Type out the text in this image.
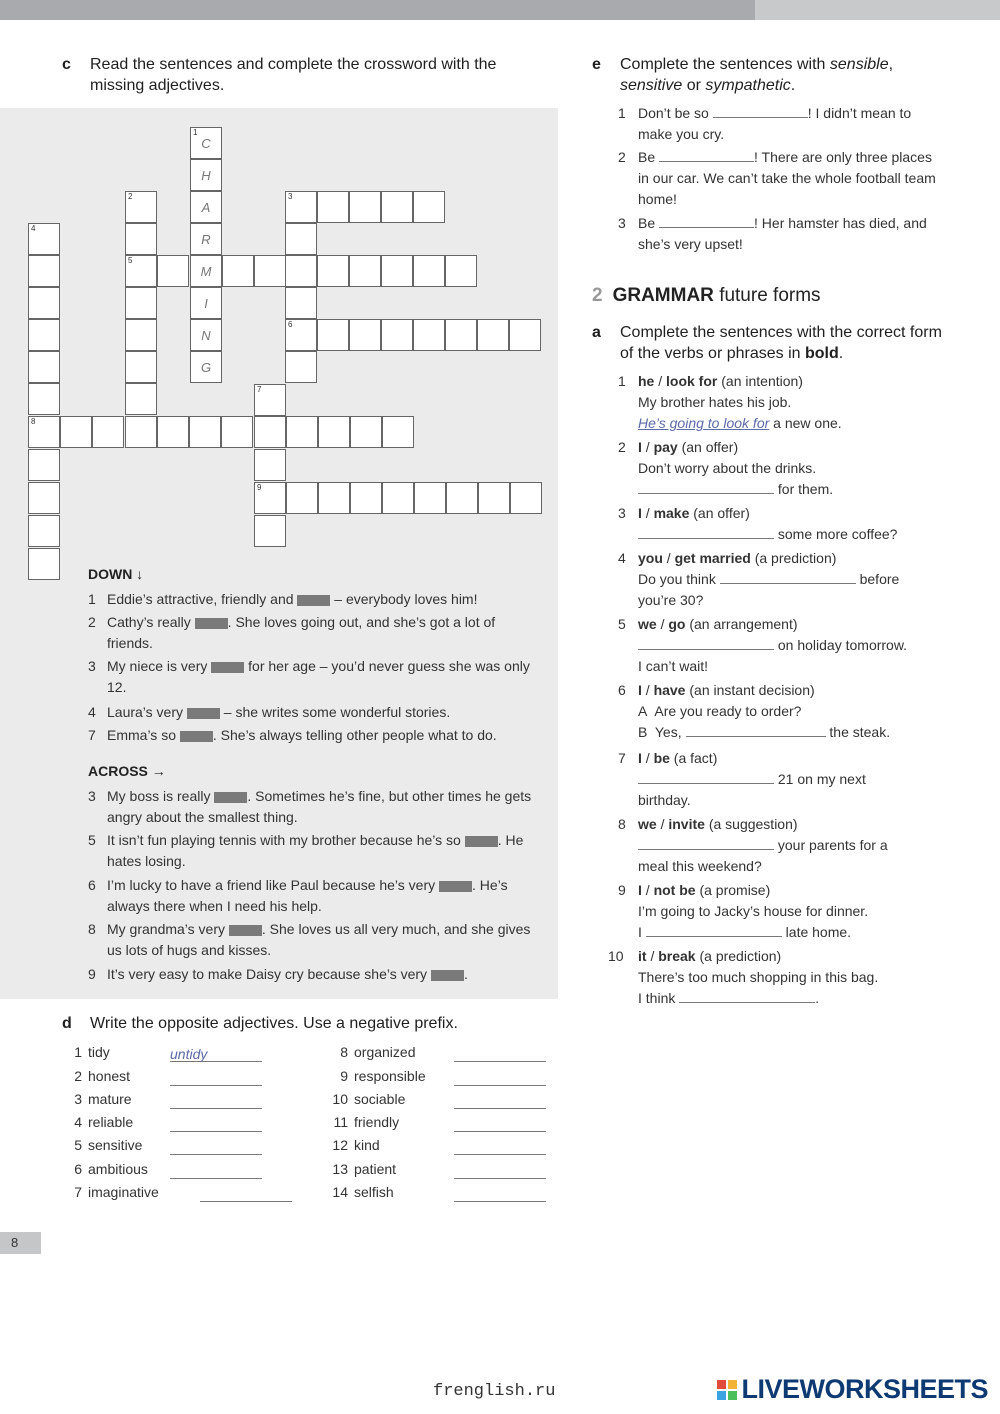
c	Read the sentences and complete the crossword with the missing adjectives.
1
C
H
A
R
M
I
N
G
2
5
3
6
4
8
7
9
DOWN ↓
1 Eddie’s attractive, friendly and	– everybody loves him!
2 Cathy’s really	. She loves going out, and she’s got a lot of friends.
3 My niece is very	for her age – you’d never guess she was only 12.
4 Laura’s very	– she writes some wonderful stories.
7 Emma’s so	. She’s always telling other people what to do.
ACROSS →
3 My boss is really	. Sometimes he’s fine, but other times he gets angry about the smallest thing.
5 It isn’t fun playing tennis with my brother because he’s so	. He hates losing.
6 I’m lucky to have a friend like Paul because he’s very	. He’s always there when I need his help.
8 My grandma’s very	. She loves us all very much, and she gives us lots of hugs and kisses.
9 It’s very easy to make Daisy cry because she’s very	.
d	Write the opposite adjectives. Use a negative prefix.
1 tidy	untidy
2 honest
3 mature
4 reliable
5 sensitive
6 ambitious
7 imaginative
8 organized
9 responsible
10 sociable
11 friendly
12 kind
13 patient
14 selfish
e	Complete the sentences with sensible, sensitive or sympathetic.
1 Don’t be so	! I didn’t mean to make you cry.
2 Be	! There are only three places in our car. We can’t take the whole football team home!
3 Be	! Her hamster has died, and she’s very upset!
2 GRAMMAR future forms
a	Complete the sentences with the correct form of the verbs or phrases in bold.
1 he / look for (an intention)
My brother hates his job.
He’s going to look for a new one.
2 I / pay (an offer)
Don’t worry about the drinks.
for them.
3 I / make (an offer)
some more coffee?
4 you / get married (a prediction)
Do you think	before
you’re 30?
5 we / go (an arrangement)
on holiday tomorrow.
I can’t wait!
6 I / have (an instant decision)
A Are you ready to order?
B Yes,	the steak.
7 I / be (a fact)
21 on my next
birthday.
8 we / invite (a suggestion)
your parents for a
meal this weekend?
9 I / not be (a promise)
I’m going to Jacky’s house for dinner.
I	late home.
10	it / break (a prediction)
There’s too much shopping in this bag.
I think	.
8
frenglish.ru	LIVEWORKSHEETS
